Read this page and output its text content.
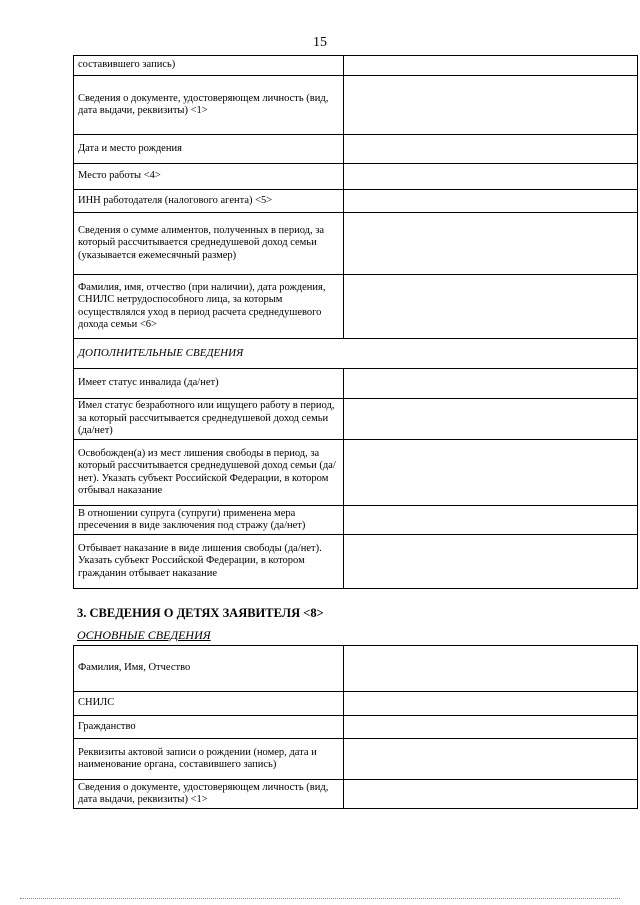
15
составившего запись)	
Сведения о документе, удостоверяющем личность (вид, дата выдачи, реквизиты) <1>	
Дата и место рождения	
Место работы <4>	
ИНН работодателя (налогового агента) <5>	
Сведения о сумме алиментов, полученных в период, за который рассчитывается среднедушевой доход семьи (указывается ежемесячный размер)	
Фамилия, имя, отчество (при наличии), дата рождения, СНИЛС нетрудоспособного лица, за которым осуществлялся уход в период расчета среднедушевого дохода семьи <6>	
ДОПОЛНИТЕЛЬНЫЕ СВЕДЕНИЯ	
Имеет статус инвалида (да/нет)	
Имел статус безработного или ищущего работу в период, за который рассчитывается среднедушевой доход семьи (да/нет)	
Освобожден(а) из мест лишения свободы в период, за который рассчитывается среднедушевой доход семьи (да/нет). Указать субъект Российской Федерации, в котором отбывал наказание	
В отношении супруга (супруги) применена мера пресечения в виде заключения под стражу (да/нет)	
Отбывает наказание в виде лишения свободы (да/нет). Указать субъект Российской Федерации, в котором гражданин отбывает наказание	
3. СВЕДЕНИЯ О ДЕТЯХ ЗАЯВИТЕЛЯ <8>
ОСНОВНЫЕ СВЕДЕНИЯ
Фамилия, Имя, Отчество	
СНИЛС	
Гражданство	
Реквизиты актовой записи о рождении (номер, дата и наименование органа, составившего запись)	
Сведения о документе, удостоверяющем личность (вид, дата выдачи, реквизиты) <1>	
